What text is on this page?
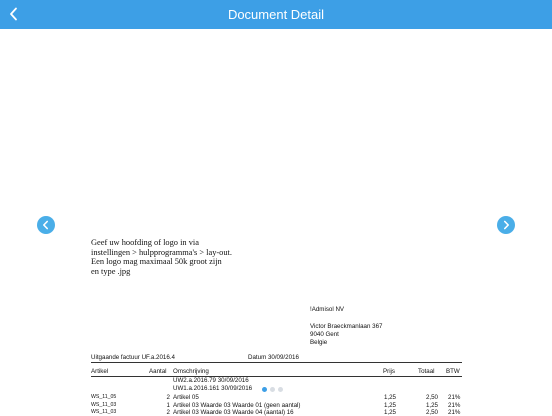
Document Detail
Geef uw hoofding of logo in via
instellingen > hulpprogramma's > lay-out.
Een logo mag maximaal 50k groot zijn
en type .jpg
!Admisol NV
Victor Braeckmanlaan 367
9040 Gent
Belgie
Uitgaande factuur UF.a.2016.4	Datum 30/09/2016
Artikel	Aantal Omschrijving	Prijs	Totaal BTW
UW2.a.2016.79 30/09/2016
UW1.a.2016.161 30/09/2016
WS_11_05	2 Artikel 05	1,25	2,50 21%
WS_11_03	1 Artikel 03 Waarde 03 Waarde 01 (geen aantal)	1,25	1,25 21%
WS_11_03	2 Artikel 03 Waarde 03 Waarde 04 (aantal) 16	1,25	2,50 21%
